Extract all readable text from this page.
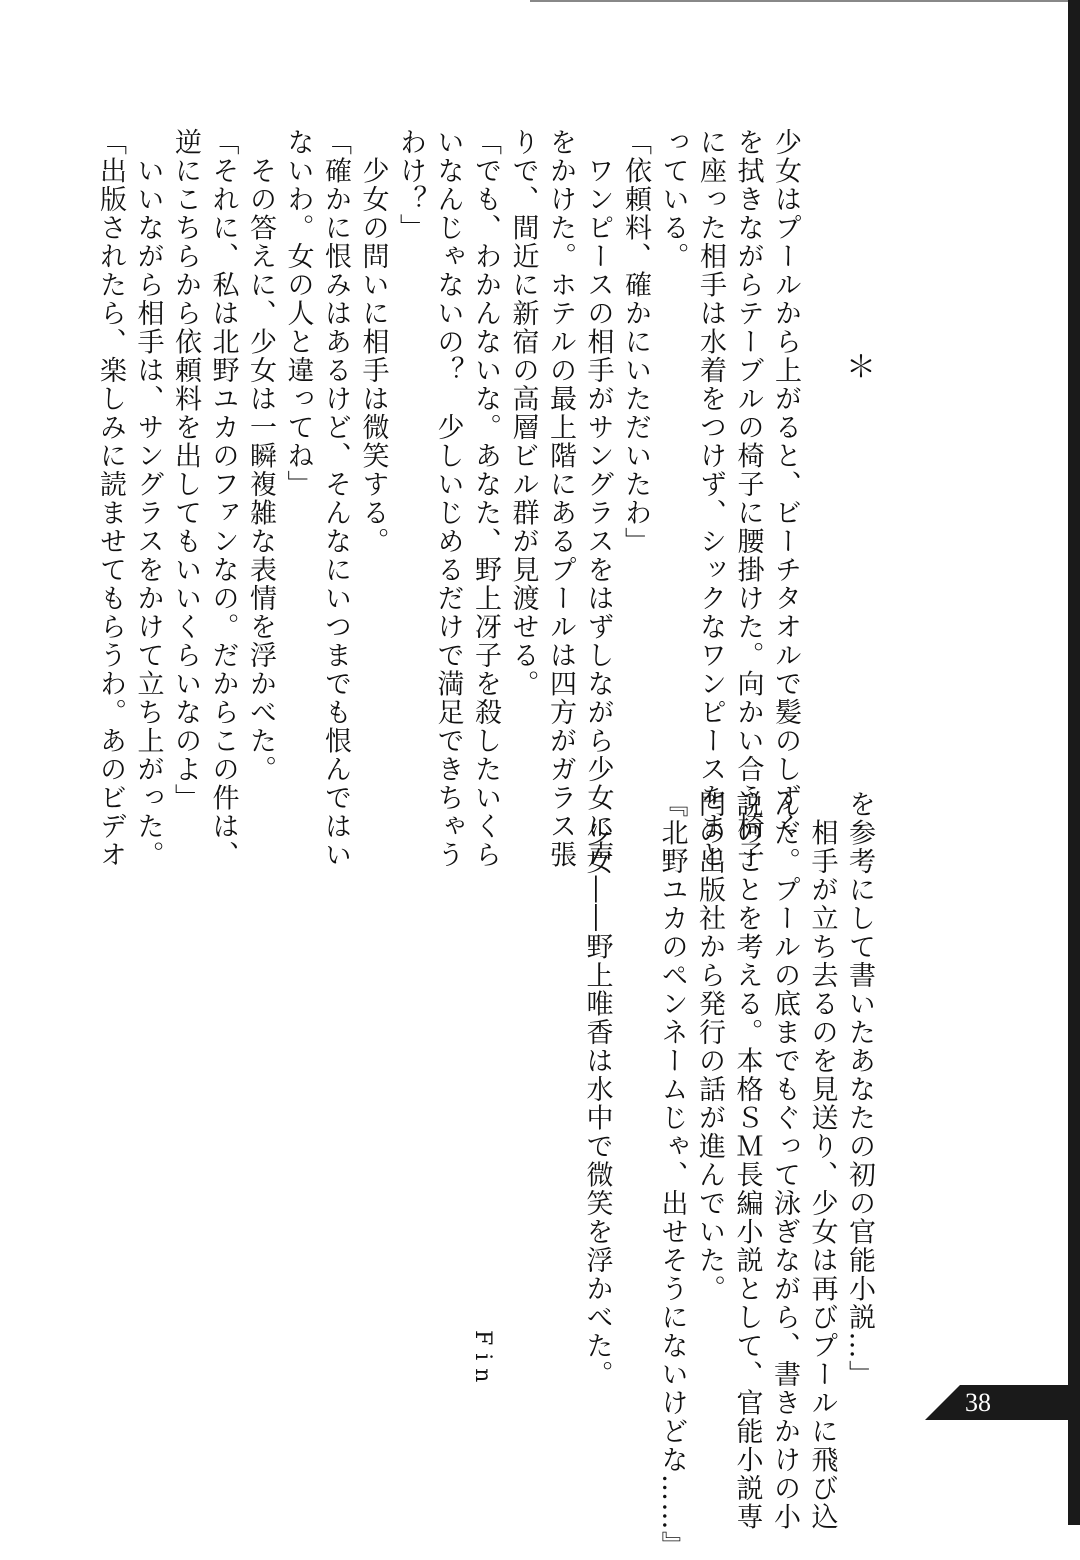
＊
少女はプールから上がると、ビーチタオルで髪のしずく
を拭きながらテーブルの椅子に腰掛けた。向かい合う椅子
に座った相手は水着をつけず、シックなワンピースをまと
っている。
「依頼料、確かにいただいたわ」
　ワンピースの相手がサングラスをはずしながら少女に声
をかけた。ホテルの最上階にあるプールは四方がガラス張
りで、間近に新宿の高層ビル群が見渡せる。
「でも、わかんないな。あなた、野上冴子を殺したいくら
いなんじゃないの？　少しいじめるだけで満足できちゃう
わけ？」
　少女の問いに相手は微笑する。
「確かに恨みはあるけど、そんなにいつまでも恨んではい
ないわ。女の人と違ってね」
　その答えに、少女は一瞬複雑な表情を浮かべた。
「それに、私は北野ユカのファンなの。だからこの件は、
逆にこちらから依頼料を出してもいいくらいなのよ」
　いいながら相手は、サングラスをかけて立ち上がった。
「出版されたら、楽しみに読ませてもらうわ。あのビデオ
を参考にして書いたあなたの初の官能小説…」
　相手が立ち去るのを見送り、少女は再びプールに飛び込
んだ。プールの底までもぐって泳ぎながら、書きかけの小
説のことを考える。本格ＳＭ長編小説として、官能小説専
門の出版社から発行の話が進んでいた。
『北野ユカのペンネームじゃ、出せそうにないけどな……』
　少女――野上唯香は水中で微笑を浮かべた。
Fin
38
